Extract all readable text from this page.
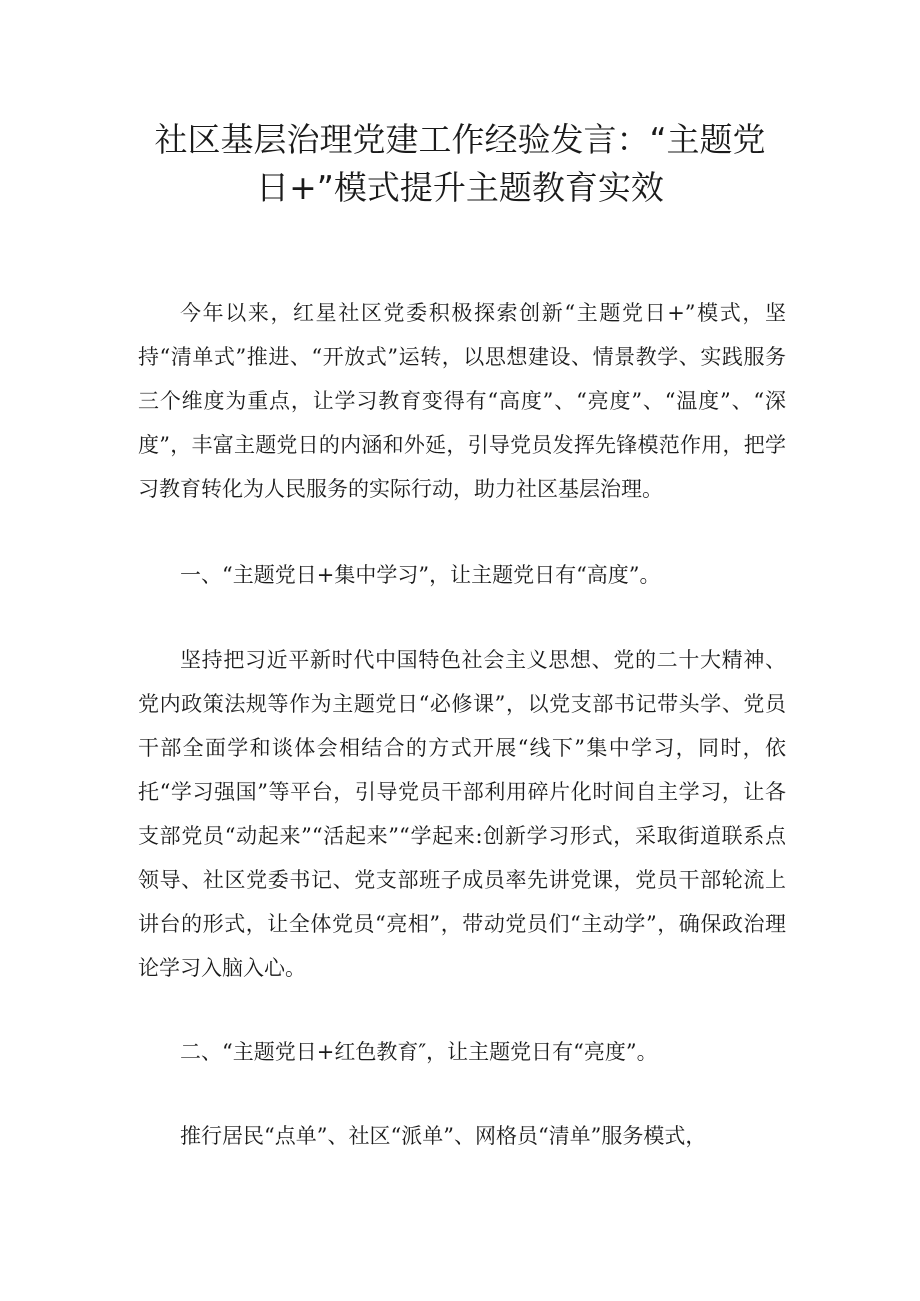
社区基层治理党建工作经验发言：“主题党
日+”模式提升主题教育实效

今年以来，红星社区党委积极探索创新“主题党日+”模式，坚持“清单式”推进、“开放式”运转，以思想建设、情景教学、实践服务三个维度为重点，让学习教育变得有“高度”、“亮度”、“温度”、“深度”，丰富主题党日的内涵和外延，引导党员发挥先锋模范作用，把学习教育转化为人民服务的实际行动，助力社区基层治理。

一、“主题党日+集中学习”，让主题党日有“高度”。

坚持把习近平新时代中国特色社会主义思想、党的二十大精神、党内政策法规等作为主题党日“必修课”，以党支部书记带头学、党员干部全面学和谈体会相结合的方式开展“线下”集中学习，同时，依托“学习强国”等平台，引导党员干部利用碎片化时间自主学习，让各支部党员“动起来”“活起来”“学起来:创新学习形式，采取街道联系点领导、社区党委书记、党支部班子成员率先讲党课，党员干部轮流上讲台的形式，让全体党员“亮相”，带动党员们“主动学”，确保政治理论学习入脑入心。

二、“主题党日+红色教育″，让主题党日有“亮度”。

推行居民“点单”、社区“派单”、网格员“清单”服务模式，
